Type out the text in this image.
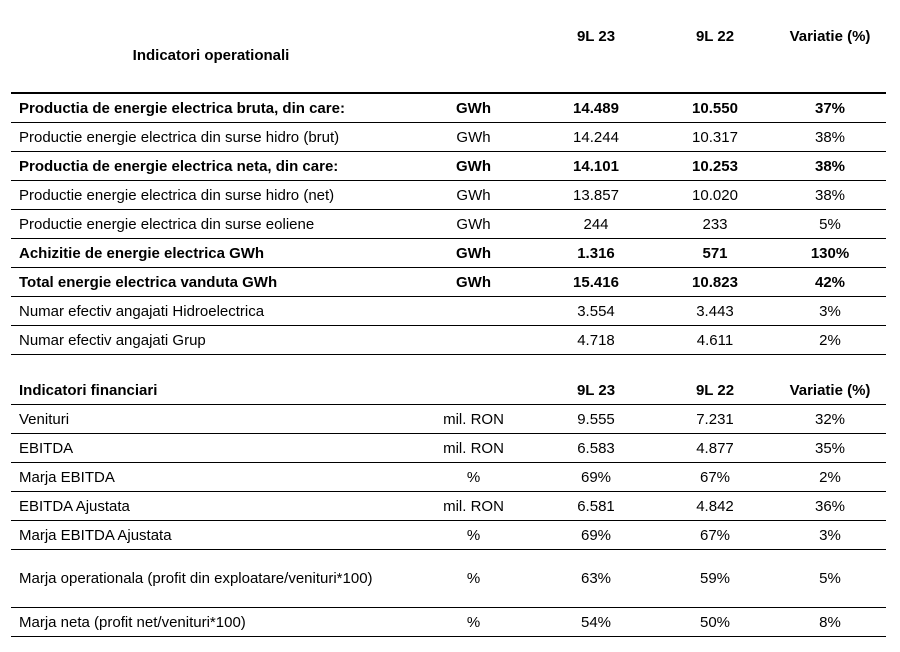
Indicatori operationali		9L 23	9L 22	Variatie (%)
Productia de energie electrica bruta, din care:	GWh	14.489	10.550	37%
Productie energie electrica din surse hidro (brut)	GWh	14.244	10.317	38%
Productia de energie electrica neta, din care:	GWh	14.101	10.253	38%
Productie energie electrica din surse hidro (net)	GWh	13.857	10.020	38%
Productie energie electrica din surse eoliene	GWh	244	233	5%
Achizitie de energie electrica GWh	GWh	1.316	571	130%
Total energie electrica vanduta GWh	GWh	15.416	10.823	42%
Numar efectiv angajati Hidroelectrica		3.554	3.443	3%
Numar efectiv angajati Grup		4.718	4.611	2%
Indicatori financiari		9L 23	9L 22	Variatie (%)
Venituri	mil. RON	9.555	7.231	32%
EBITDA	mil. RON	6.583	4.877	35%
Marja EBITDA	%	69%	67%	2%
EBITDA Ajustata	mil. RON	6.581	4.842	36%
Marja EBITDA Ajustata	%	69%	67%	3%
Marja operationala (profit din exploatare/venituri*100)	%	63%	59%	5%
Marja neta (profit net/venituri*100)	%	54%	50%	8%
